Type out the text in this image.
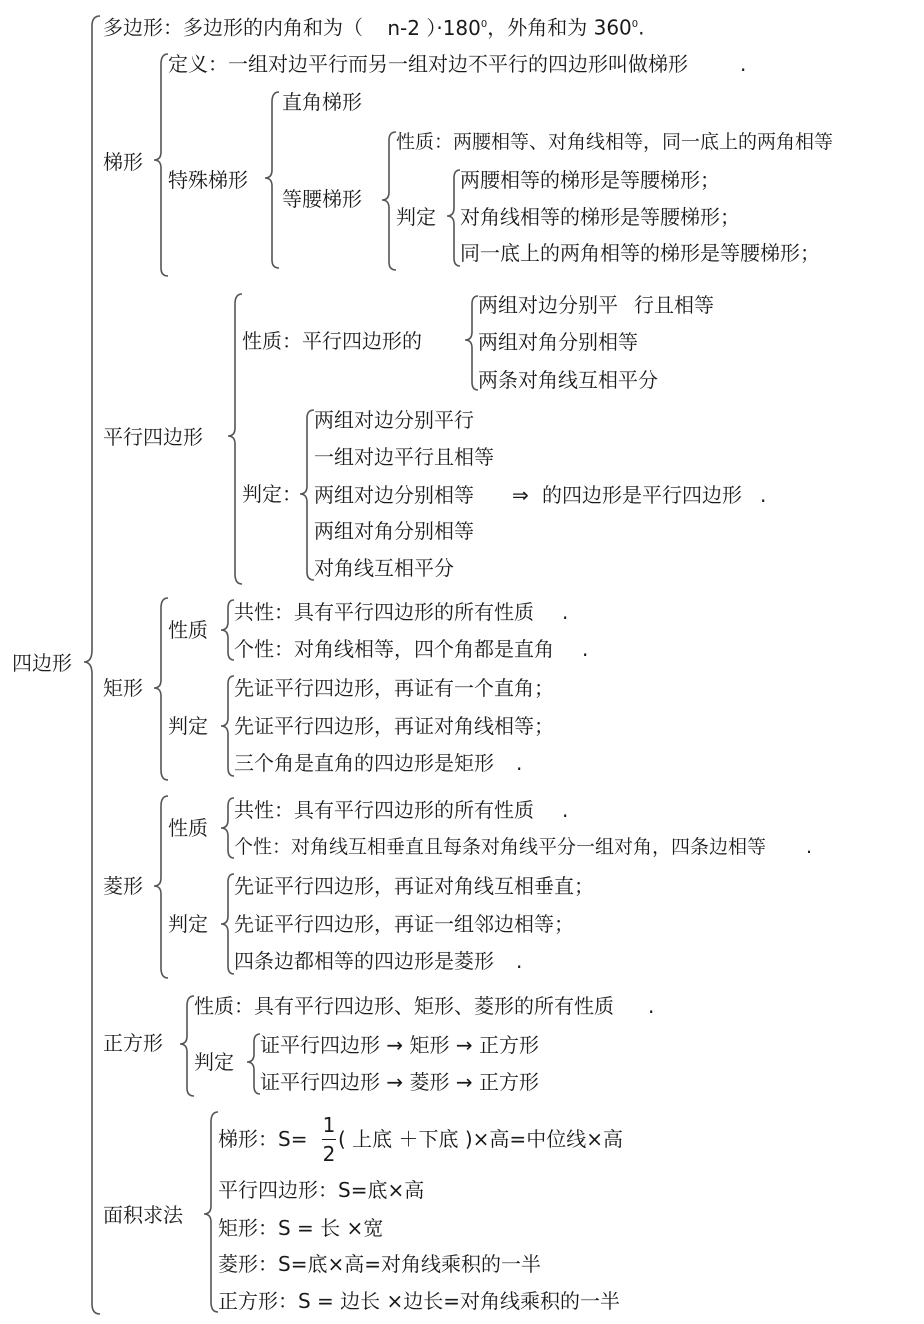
四边形
多边形：多边形的内角和为（ n-2 ）$\cdot 180^0$，外角和为 $360^0$.
梯形
定义：一组对边平行而另一组对边不平行的四边形叫做梯形	.
特殊梯形
直角梯形
等腰梯形
性质：两腰相等、对角线相等，同一底上的两角相等
判定
两腰相等的梯形是等腰梯形；
对角线相等的梯形是等腰梯形；
同一底上的两角相等的梯形是等腰梯形；
平行四边形
性质：平行四边形的
两组对边分别平 行且相等
两组对角分别相等
两条对角线互相平分
判定：
两组对边分别平行
一组对边平行且相等
两组对边分别相等 ⇒ 的四边形是平行四边形 .
两组对角分别相等
对角线互相平分
矩形
性质
共性：具有平行四边形的所有性质 .
个性：对角线相等，四个角都是直角 .
判定
先证平行四边形，再证有一个直角；
先证平行四边形，再证对角线相等；
三个角是直角的四边形是矩形 .
菱形
性质
共性：具有平行四边形的所有性质 .
个性：对角线互相垂直且每条对角线平分一组对角，四条边相等 .
判定
先证平行四边形，再证对角线互相垂直；
先证平行四边形，再证一组邻边相等；
四条边都相等的四边形是菱形 .
正方形
性质：具有平行四边形、矩形、菱形的所有性质 .
判定
证平行四边形 → 矩形 → 正方形
证平行四边形 → 菱形 → 正方形
面积求法
梯形：S=
1
2
( 上底 ＋下底 )×高=中位线×高
平行四边形：S=底×高
矩形：S = 长 ×宽
菱形：S=底×高=对角线乘积的一半
正方形：S = 边长 ×边长=对角线乘积的一半
